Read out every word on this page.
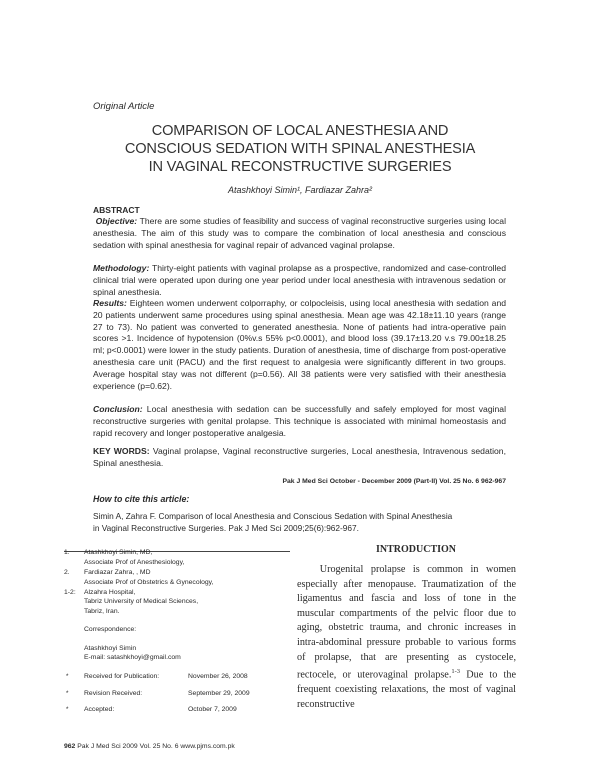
Original Article
COMPARISON OF LOCAL ANESTHESIA AND
CONSCIOUS SEDATION WITH SPINAL ANESTHESIA
IN VAGINAL RECONSTRUCTIVE SURGERIES
Atashkhoyi Simin¹, Fardiazar Zahra²
ABSTRACT
Objective: There are some studies of feasibility and success of vaginal reconstructive surgeries using local anesthesia. The aim of this study was to compare the combination of local anesthesia and conscious sedation with spinal anesthesia for vaginal repair of advanced vaginal prolapse.
Methodology: Thirty-eight patients with vaginal prolapse as a prospective, randomized and case-controlled clinical trial were operated upon during one year period under local anesthesia with intravenous sedation or spinal anesthesia.
Results: Eighteen women underwent colporraphy, or colpocleisis, using local anesthesia with sedation and 20 patients underwent same procedures using spinal anesthesia. Mean age was 42.18±11.10 years (range 27 to 73). No patient was converted to generated anesthesia. None of patients had intra-operative pain scores >1. Incidence of hypotension (0%v.s 55% p<0.0001), and blood loss (39.17±13.20 v.s 79.00±18.25 ml; p<0.0001) were lower in the study patients. Duration of anesthesia, time of discharge from post-operative anesthesia care unit (PACU) and the first request to analgesia were significantly different in two groups. Average hospital stay was not different (p=0.56). All 38 patients were very satisfied with their anesthesia experience (p=0.62).
Conclusion: Local anesthesia with sedation can be successfully and safely employed for most vaginal reconstructive surgeries with genital prolapse. This technique is associated with minimal homeostasis and rapid recovery and longer postoperative analgesia.
KEY WORDS: Vaginal prolapse, Vaginal reconstructive surgeries, Local anesthesia, Intravenous sedation, Spinal anesthesia.
Pak J Med Sci October - December 2009 (Part-II) Vol. 25 No. 6 962-967
How to cite this article:
Simin A, Zahra F. Comparison of local Anesthesia and Conscious Sedation with Spinal Anesthesia
in Vaginal Reconstructive Surgeries. Pak J Med Sci 2009;25(6):962-967.
1.	Atashkhoyi Simin, MD,
Associate Prof of Anesthesiology,
2.	Fardiazar Zahra, , MD
Associate Prof of Obstetrics & Gynecology,
1-2:	Alzahra Hospital,
Tabriz University of Medical Sciences,
Tabriz, Iran.
Correspondence:
Atashkhoyi Simin
E-mail: satashkhoyi@gmail.com
*	Received for Publication:	November 26, 2008
*	Revision Received:	September 29, 2009
*	Accepted:	October 7, 2009
INTRODUCTION
Urogenital prolapse is common in women especially after menopause. Traumatization of the ligamentus and fascia and loss of tone in the muscular compartments of the pelvic floor due to aging, obstetric trauma, and chronic increases in intra-abdominal pressure probable to various forms of prolapse, that are presenting as cystocele, rectocele, or uterovaginal prolapse.$^{1-3}$ Due to the frequent coexisting relaxations, the most of vaginal reconstructive
962 Pak J Med Sci 2009 Vol. 25 No. 6 www.pjms.com.pk
